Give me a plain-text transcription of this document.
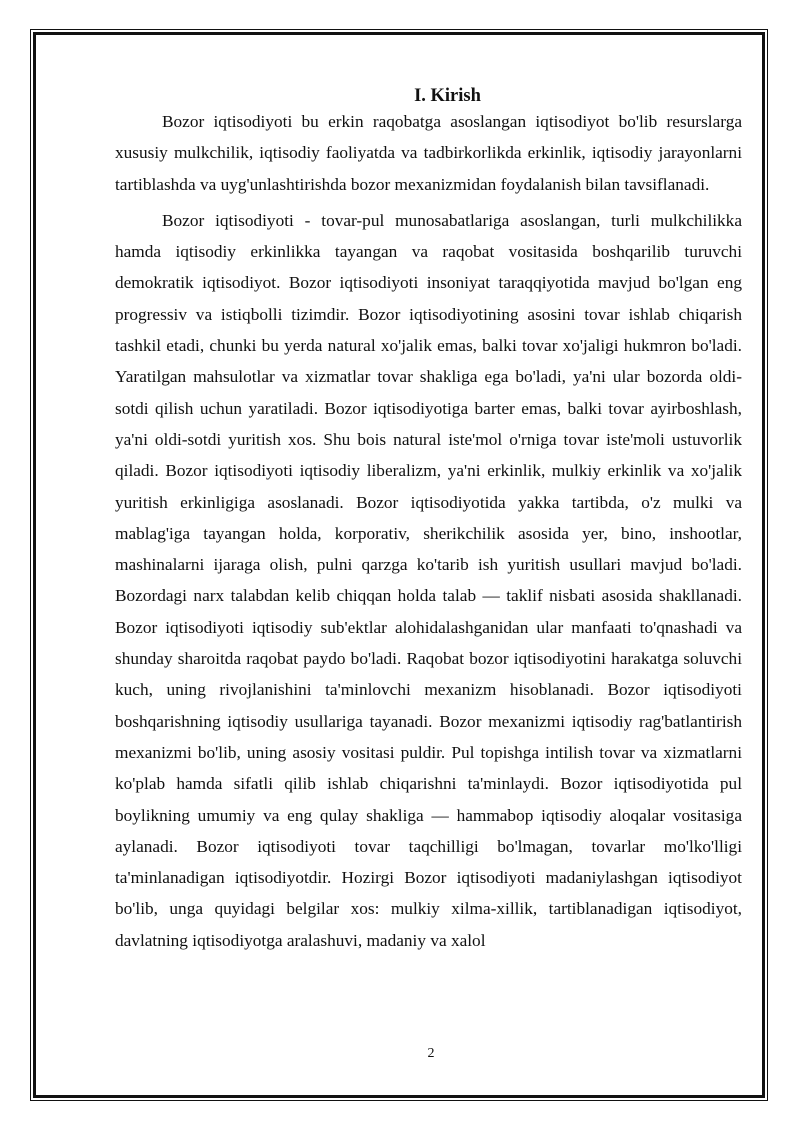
I. Kirish

Bozor iqtisodiyoti bu erkin raqobatga asoslangan iqtisodiyot bo'lib resurslarga xususiy mulkchilik, iqtisodiy faoliyatda va tadbirkorlikda erkinlik, iqtisodiy jarayonlarni tartiblashda va uyg'unlashtirishda bozor mexanizmidan foydalanish bilan tavsiflanadi.

Bozor iqtisodiyoti - tovar-pul munosabatlariga asoslangan, turli mulkchilikka hamda iqtisodiy erkinlikka tayangan va raqobat vositasida boshqarilib turuvchi demokratik iqtisodiyot. Bozor iqtisodiyoti insoniyat taraqqiyotida mavjud bo'lgan eng progressiv va istiqbolli tizimdir. Bozor iqtisodiyotining asosini tovar ishlab chiqarish tashkil etadi, chunki bu yerda natural xo'jalik emas, balki tovar xo'jaligi hukmron bo'ladi. Yaratilgan mahsulotlar va xizmatlar tovar shakliga ega bo'ladi, ya'ni ular bozorda oldi-sotdi qilish uchun yaratiladi. Bozor iqtisodiyotiga barter emas, balki tovar ayirboshlash, ya'ni oldi-sotdi yuritish xos. Shu bois natural iste'mol o'rniga tovar iste'moli ustuvorlik qiladi. Bozor iqtisodiyoti iqtisodiy liberalizm, ya'ni erkinlik, mulkiy erkinlik va xo'jalik yuritish erkinligiga asoslanadi. Bozor iqtisodiyotida yakka tartibda, o'z mulki va mablag'iga tayangan holda, korporativ, sherikchilik asosida yer, bino, inshootlar, mashinalarni ijaraga olish, pulni qarzga ko'tarib ish yuritish usullari mavjud bo'ladi. Bozordagi narx talabdan kelib chiqqan holda talab — taklif nisbati asosida shakllanadi. Bozor iqtisodiyoti iqtisodiy sub'ektlar alohidalashganidan ular manfaati to'qnashadi va shunday sharoitda raqobat paydo bo'ladi. Raqobat bozor iqtisodiyotini harakatga soluvchi kuch, uning rivojlanishini ta'minlovchi mexanizm hisoblanadi. Bozor iqtisodiyoti boshqarishning iqtisodiy usullariga tayanadi. Bozor mexanizmi iqtisodiy rag'batlantirish mexanizmi bo'lib, uning asosiy vositasi puldir. Pul topishga intilish tovar va xizmatlarni ko'plab hamda sifatli qilib ishlab chiqarishni ta'minlaydi. Bozor iqtisodiyotida pul boylikning umumiy va eng qulay shakliga — hammabop iqtisodiy aloqalar vositasiga aylanadi. Bozor iqtisodiyoti tovar taqchilligi bo'lmagan, tovarlar mo'lko'lligi ta'minlanadigan iqtisodiyotdir. Hozirgi Bozor iqtisodiyoti madaniylashgan iqtisodiyot bo'lib, unga quyidagi belgilar xos: mulkiy xilma-xillik, tartiblanadigan iqtisodiyot, davlatning iqtisodiyotga aralashuvi, madaniy va xalol

2
